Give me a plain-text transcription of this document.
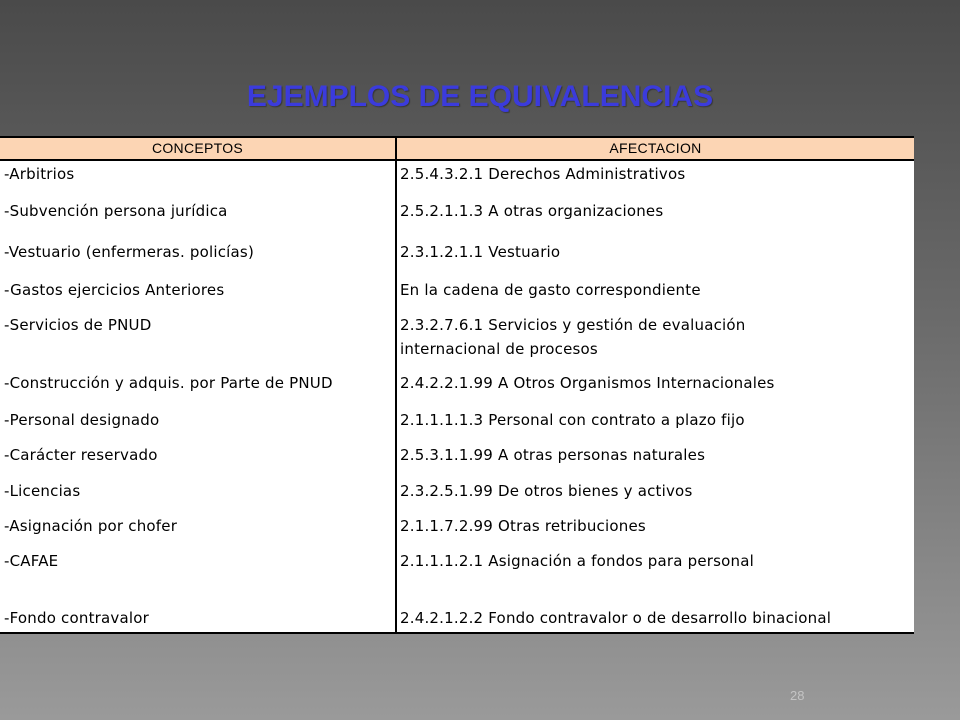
EJEMPLOS DE EQUIVALENCIAS
CONCEPTOS	AFECTACION
-Arbitrios	2.5.4.3.2.1 Derechos Administrativos
-Subvención persona jurídica	2.5.2.1.1.3 A otras organizaciones
-Vestuario (enfermeras. policías)	2.3.1.2.1.1 Vestuario
-Gastos ejercicios Anteriores	En la cadena de gasto correspondiente
-Servicios de PNUD	2.3.2.7.6.1 Servicios y gestión de evaluación
internacional de procesos
-Construcción y adquis. por Parte de PNUD	2.4.2.2.1.99 A Otros Organismos Internacionales
-Personal designado	2.1.1.1.1.3 Personal con contrato a plazo fijo
-Carácter reservado	2.5.3.1.1.99 A otras personas naturales
-Licencias	2.3.2.5.1.99 De otros bienes y activos
-Asignación por chofer	2.1.1.7.2.99 Otras retribuciones
-CAFAE	2.1.1.1.2.1 Asignación a fondos para personal
-Fondo contravalor	2.4.2.1.2.2 Fondo contravalor o de desarrollo binacional
28
